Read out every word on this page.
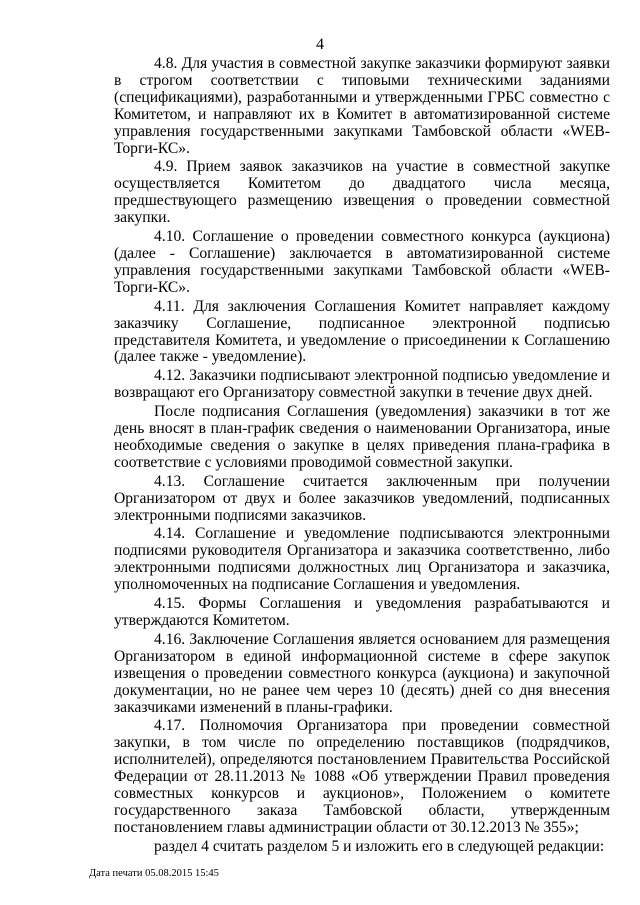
4

4.8. Для участия в совместной закупке заказчики формируют заявки в строгом соответствии с типовыми техническими заданиями (спецификациями), разработанными и утвержденными ГРБС совместно с Комитетом, и направляют их в Комитет в автоматизированной системе управления государственными закупками Тамбовской области «WEB-Торги-КС».

4.9. Прием заявок заказчиков на участие в совместной закупке осуществляется Комитетом до двадцатого числа месяца, предшествующего размещению извещения о проведении совместной закупки.

4.10. Соглашение о проведении совместного конкурса (аукциона) (далее - Соглашение) заключается в автоматизированной системе управления государственными закупками Тамбовской области «WEB-Торги-КС».

4.11. Для заключения Соглашения Комитет направляет каждому заказчику Соглашение, подписанное электронной подписью представителя Комитета, и уведомление о присоединении к Соглашению (далее также - уведомление).

4.12. Заказчики подписывают электронной подписью уведомление и возвращают его Организатору совместной закупки в течение двух дней.

После подписания Соглашения (уведомления) заказчики в тот же день вносят в план-график сведения о наименовании Организатора, иные необходимые сведения о закупке в целях приведения плана-графика в соответствие с условиями проводимой совместной закупки.

4.13. Соглашение считается заключенным при получении Организатором от двух и более заказчиков уведомлений, подписанных электронными подписями заказчиков.

4.14. Соглашение и уведомление подписываются электронными подписями руководителя Организатора и заказчика соответственно, либо электронными подписями должностных лиц Организатора и заказчика, уполномоченных на подписание Соглашения и уведомления.

4.15. Формы Соглашения и уведомления разрабатываются и утверждаются Комитетом.

4.16. Заключение Соглашения является основанием для размещения Организатором в единой информационной системе в сфере закупок извещения о проведении совместного конкурса (аукциона) и закупочной документации, но не ранее чем через 10 (десять) дней со дня внесения заказчиками изменений в планы-графики.

4.17. Полномочия Организатора при проведении совместной закупки, в том числе по определению поставщиков (подрядчиков, исполнителей), определяются постановлением Правительства Российской Федерации от 28.11.2013 № 1088 «Об утверждении Правил проведения совместных конкурсов и аукционов», Положением о комитете государственного заказа Тамбовской области, утвержденным постановлением главы администрации области от 30.12.2013 № 355»;

раздел 4 считать разделом 5 и изложить его в следующей редакции:

Дата печати 05.08.2015 15:45
